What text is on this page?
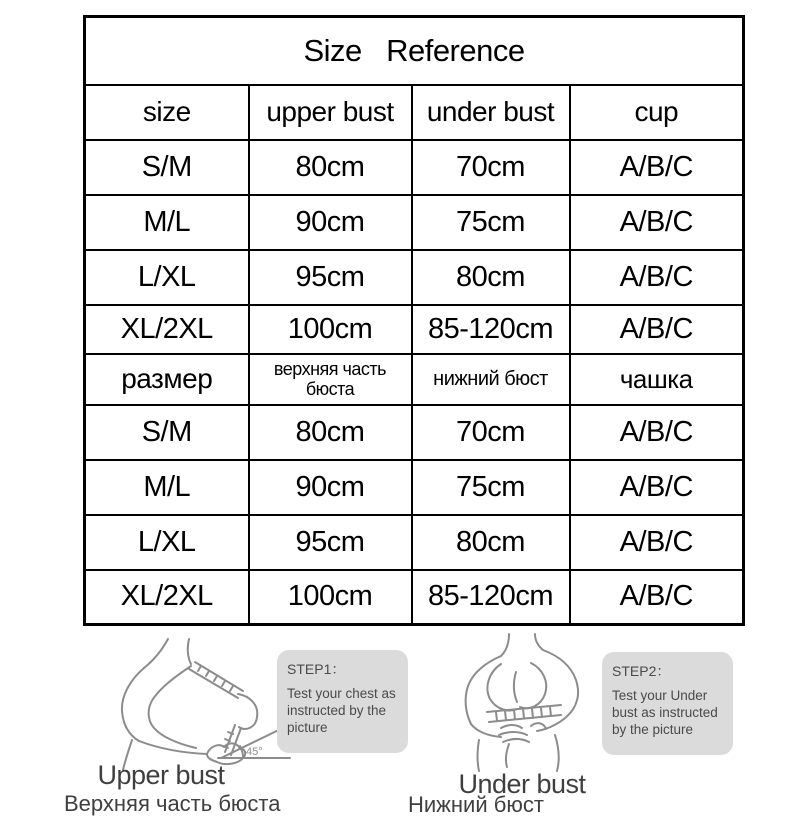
Size   Reference			
size	upper bust	under bust	cup
S/M	80cm	70cm	A/B/C
M/L	90cm	75cm	A/B/C
L/XL	95cm	80cm	A/B/C
XL/2XL	100cm	85-120cm	A/B/C
размер	верхняя часть бюста	нижний бюст	чашка
S/M	80cm	70cm	A/B/C
M/L	90cm	75cm	A/B/C
L/XL	95cm	80cm	A/B/C
XL/2XL	100cm	85-120cm	A/B/C
45°
STEP1：
Test your chest as instructed by the picture
STEP2：
Test your Under bust as instructed by the picture
Upper bust	Under bust
Верхняя часть бюста	Нижний бюст
